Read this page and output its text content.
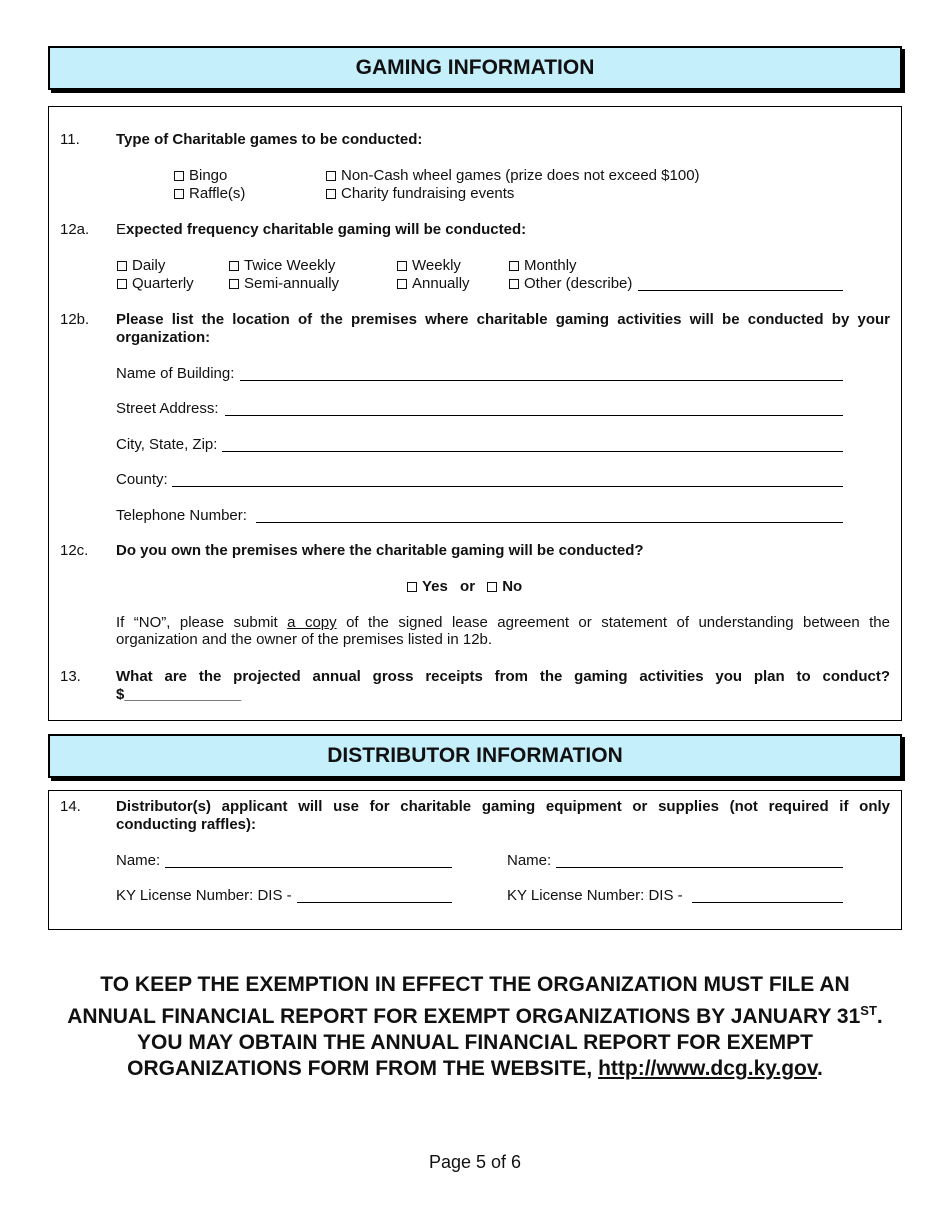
GAMING INFORMATION
11. Type of Charitable games to be conducted:
Bingo
Raffle(s)
Non-Cash wheel games (prize does not exceed $100)
Charity fundraising events
12a. Expected frequency charitable gaming will be conducted:
Daily
Quarterly
Twice Weekly
Semi-annually
Weekly
Annually
Monthly
Other (describe)
12b. Please list the location of the premises where charitable gaming activities will be conducted by your
organization:
Name of Building:
Street Address:
City, State, Zip:
County:
Telephone Number:
12c. Do you own the premises where the charitable gaming will be conducted?
Yes or No
If “NO”, please submit a copy of the signed lease agreement or statement of understanding between the
organization and the owner of the premises listed in 12b.
13. What are the projected annual gross receipts from the gaming activities you plan to conduct?
$______________
DISTRIBUTOR INFORMATION
14. Distributor(s) applicant will use for charitable gaming equipment or supplies (not required if only
conducting raffles):
Name:	Name:
KY License Number: DIS -	KY License Number: DIS -
TO KEEP THE EXEMPTION IN EFFECT THE ORGANIZATION MUST FILE AN
ANNUAL FINANCIAL REPORT FOR EXEMPT ORGANIZATIONS BY JANUARY 31ST.
YOU MAY OBTAIN THE ANNUAL FINANCIAL REPORT FOR EXEMPT
ORGANIZATIONS FORM FROM THE WEBSITE, http://www.dcg.ky.gov.
Page 5 of 6
